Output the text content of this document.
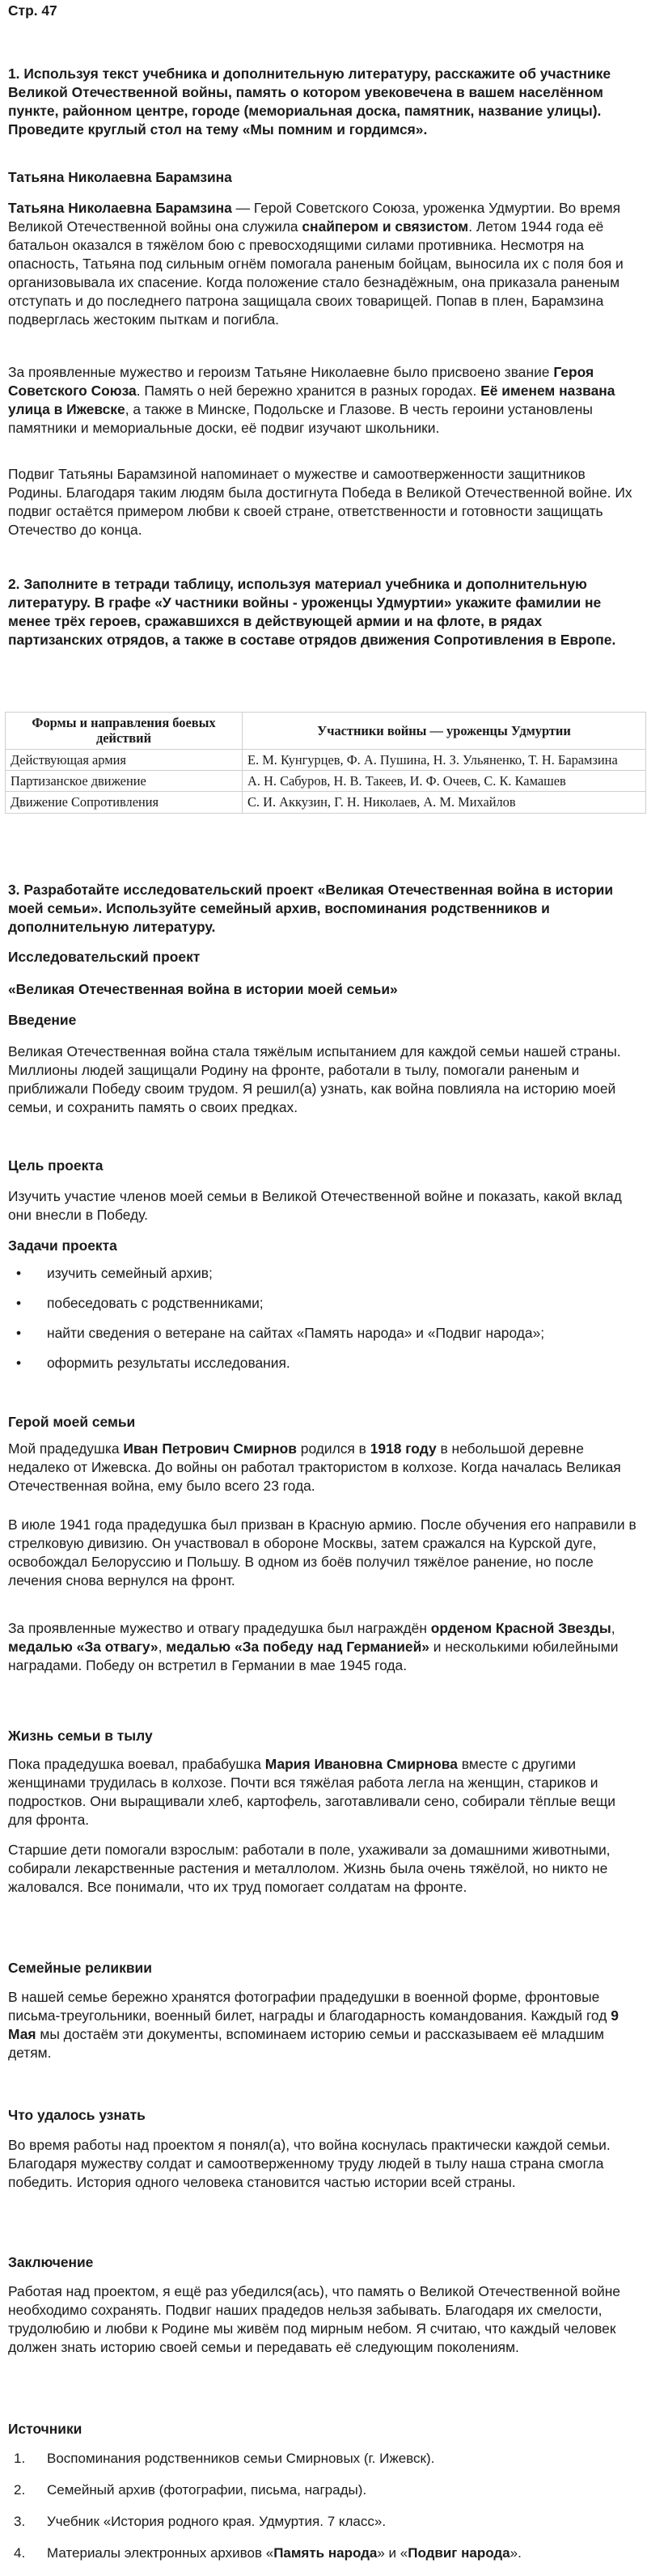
Стр. 47

1. Используя текст учебника и дополнительную литературу, расскажите об участнике Великой Отечественной войны, память о котором увековечена в вашем населённом пункте, районном центре, городе (мемориальная доска, памятник, название улицы). Проведите круглый стол на тему «Мы помним и гордимся».

Татьяна Николаевна Барамзина

Татьяна Николаевна Барамзина — Герой Советского Союза, уроженка Удмуртии. Во время Великой Отечественной войны она служила снайпером и связистом. Летом 1944 года её батальон оказался в тяжёлом бою с превосходящими силами противника. Несмотря на опасность, Татьяна под сильным огнём помогала раненым бойцам, выносила их с поля боя и организовывала их спасение. Когда положение стало безнадёжным, она приказала раненым отступать и до последнего патрона защищала своих товарищей. Попав в плен, Барамзина подверглась жестоким пыткам и погибла.

За проявленные мужество и героизм Татьяне Николаевне было присвоено звание Героя Советского Союза. Память о ней бережно хранится в разных городах. Её именем названа улица в Ижевске, а также в Минске, Подольске и Глазове. В честь героини установлены памятники и мемориальные доски, её подвиг изучают школьники.

Подвиг Татьяны Барамзиной напоминает о мужестве и самоотверженности защитников Родины. Благодаря таким людям была достигнута Победа в Великой Отечественной войне. Их подвиг остаётся примером любви к своей стране, ответственности и готовности защищать Отечество до конца.

2. Заполните в тетради таблицу, используя материал учебника и дополнительную литературу. В графе «У частники войны - уроженцы Удмуртии» укажите фамилии не менее трёх героев, сражавшихся в действующей армии и на флоте, в рядах партизанских отрядов, а также в составе отрядов движения Сопротивления в Европе.

Формы и направления боевых действий	Участники войны — уроженцы Удмуртии
Действующая армия	Е. М. Кунгурцев, Ф. А. Пушина, Н. З. Ульяненко, Т. Н. Барамзина
Партизанское движение	А. Н. Сабуров, Н. В. Такеев, И. Ф. Очеев, С. К. Камашев
Движение Сопротивления	С. И. Аккузин, Г. Н. Николаев, А. М. Михайлов

3. Разработайте исследовательский проект «Великая Отечественная война в истории моей семьи». Используйте семейный архив, воспоминания родственников и дополнительную литературу.

Исследовательский проект
«Великая Отечественная война в истории моей семьи»
Введение

Великая Отечественная война стала тяжёлым испытанием для каждой семьи нашей страны. Миллионы людей защищали Родину на фронте, работали в тылу, помогали раненым и приближали Победу своим трудом. Я решил(а) узнать, как война повлияла на историю моей семьи, и сохранить память о своих предках.

Цель проекта

Изучить участие членов моей семьи в Великой Отечественной войне и показать, какой вклад они внесли в Победу.

Задачи проекта
• изучить семейный архив;
• побеседовать с родственниками;
• найти сведения о ветеране на сайтах «Память народа» и «Подвиг народа»;
• оформить результаты исследования.
Герой моей семьи

Мой прадедушка Иван Петрович Смирнов родился в 1918 году в небольшой деревне недалеко от Ижевска. До войны он работал трактористом в колхозе. Когда началась Великая Отечественная война, ему было всего 23 года.

В июле 1941 года прадедушка был призван в Красную армию. После обучения его направили в стрелковую дивизию. Он участвовал в обороне Москвы, затем сражался на Курской дуге, освобождал Белоруссию и Польшу. В одном из боёв получил тяжёлое ранение, но после лечения снова вернулся на фронт.

За проявленные мужество и отвагу прадедушка был награждён орденом Красной Звезды, медалью «За отвагу», медалью «За победу над Германией» и несколькими юбилейными наградами. Победу он встретил в Германии в мае 1945 года.

Жизнь семьи в тылу

Пока прадедушка воевал, прабабушка Мария Ивановна Смирнова вместе с другими женщинами трудилась в колхозе. Почти вся тяжёлая работа легла на женщин, стариков и подростков. Они выращивали хлеб, картофель, заготавливали сено, собирали тёплые вещи для фронта.

Старшие дети помогали взрослым: работали в поле, ухаживали за домашними животными, собирали лекарственные растения и металлолом. Жизнь была очень тяжёлой, но никто не жаловался. Все понимали, что их труд помогает солдатам на фронте.

Семейные реликвии

В нашей семье бережно хранятся фотографии прадедушки в военной форме, фронтовые письма-треугольники, военный билет, награды и благодарность командования. Каждый год 9 Мая мы достаём эти документы, вспоминаем историю семьи и рассказываем её младшим детям.

Что удалось узнать

Во время работы над проектом я понял(а), что война коснулась практически каждой семьи. Благодаря мужеству солдат и самоотверженному труду людей в тылу наша страна смогла победить. История одного человека становится частью истории всей страны.

Заключение

Работая над проектом, я ещё раз убедился(ась), что память о Великой Отечественной войне необходимо сохранять. Подвиг наших прадедов нельзя забывать. Благодаря их смелости, трудолюбию и любви к Родине мы живём под мирным небом. Я считаю, что каждый человек должен знать историю своей семьи и передавать её следующим поколениям.

Источники
1. Воспоминания родственников семьи Смирновых (г. Ижевск).
2. Семейный архив (фотографии, письма, награды).
3. Учебник «История родного края. Удмуртия. 7 класс».
4. Материалы электронных архивов «Память народа» и «Подвиг народа».
